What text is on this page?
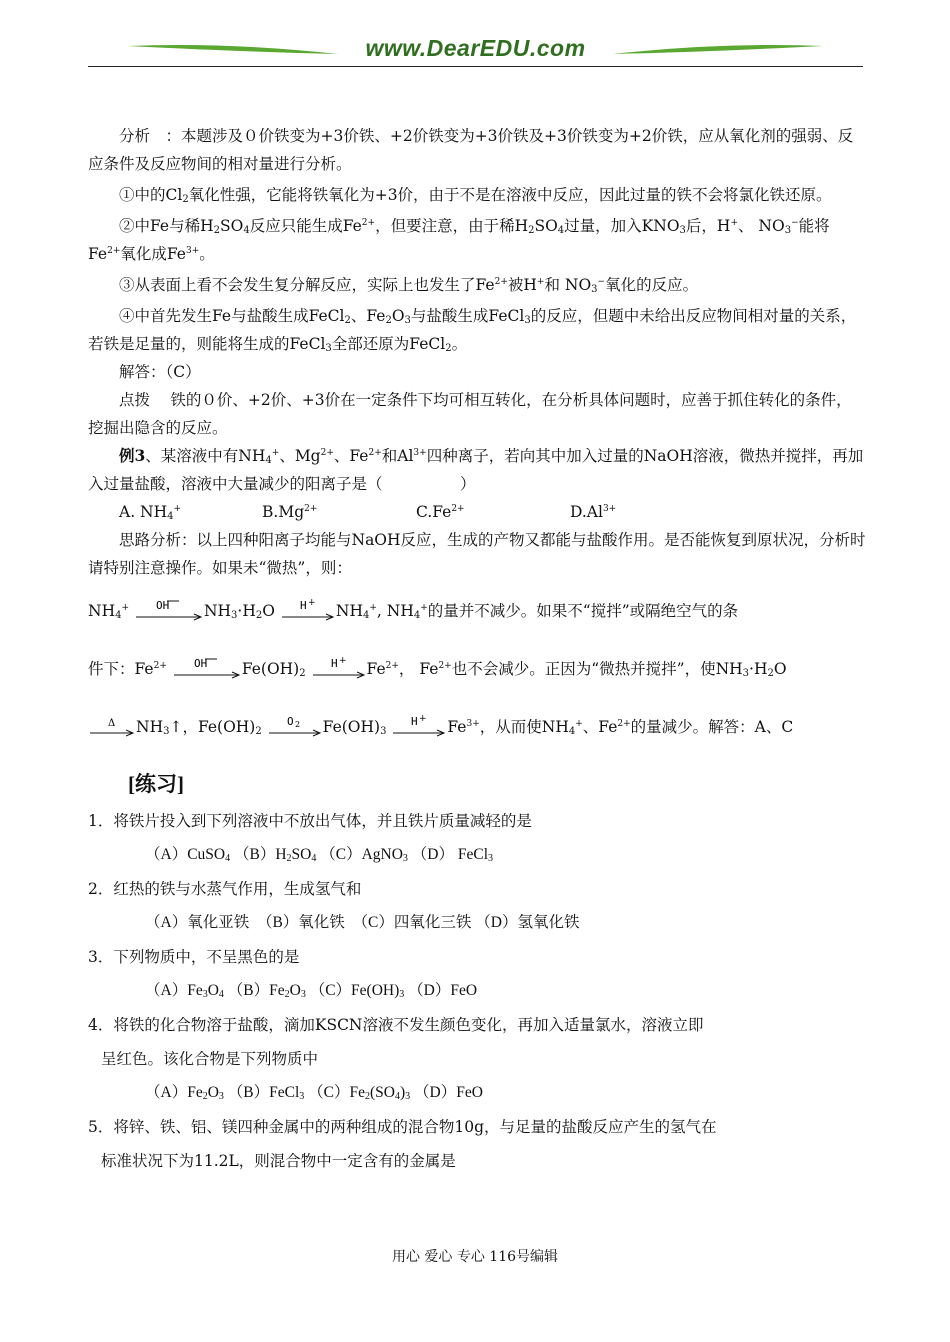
www.DearEDU.com

分析　：本题涉及０价铁变为+3价铁、+2价铁变为+3价铁及+3价铁变为+2价铁，应从氧化剂的强弱、反应条件及反应物间的相对量进行分析。

①中的$Cl_2$氧化性强，它能将铁氧化为+3价，由于不是在溶液中反应，因此过量的铁不会将氯化铁还原。

②中Fe与稀$H_2SO_4$反应只能生成$Fe^{2+}$，但要注意，由于稀$H_2SO_4$过量，加入$KNO_3$后，H+、 $NO_3^-$能将$Fe^{2+}$氧化成$Fe^{3+}$。

③从表面上看不会发生复分解反应，实际上也发生了$Fe^{2+}$被H+和 $NO_3^-$氧化的反应。

④中首先发生Fe与盐酸生成FeCl$_2$、$Fe_2O_3$与盐酸生成FeCl$_3$的反应，但题中未给出反应物间相对量的关系，若铁是足量的，则能将生成的FeCl$_3$全部还原为FeCl$_2$。

解答：（C）

点拨　 铁的０价、+2价、+3价在一定条件下均可相互转化，在分析具体问题时，应善于抓住转化的条件，挖掘出隐含的反应。

例3、某溶液中有$NH_4^+$、$Mg^{2+}$、$Fe^{2+}$和$Al^{3+}$四种离子，若向其中加入过量的NaOH溶液，微热并搅拌，再加入过量盐酸，溶液中大量减少的阳离子是（　　　　　）

A. $NH_4^+$	$B.Mg^{2+}$	$C.Fe^{2+}$	$D.Al^{3+}$

思路分析：以上四种阳离子均能与NaOH反应，生成的产物又都能与盐酸作用。是否能恢复到原状况，分析时请特别注意操作。如果未“微热”，则：

$NH_4^+$ OH $NH_3\cdot H_2O$ $H + NH_4^+$, $NH_4^+$的量并不减少。如果不“搅拌”或隔绝空气的条

件下：$Fe^{2+}$ OH $Fe(OH)_2$
$H + Fe^{2+}$， $Fe^{2+}$也不会减少。正因为“微热并搅拌”，使$NH_3\cdot H_2O$

Δ $NH_3↑$，$Fe(OH)_2$
O 2 $Fe(OH)_3$
$H + Fe^{3+}$，从而使$NH_4^+$、$Fe^{2+}$的量减少。解答：A、C

[练习]

1．将铁片投入到下列溶液中不放出气体，并且铁片质量减轻的是

（A）CuSO$_4$ $(B)H_2SO_4$ （C）AgNO$_3$ （D） FeCl$_3$

2．红热的铁与水蒸气作用，生成氢气和

（A）氧化亚铁　（B）氧化铁　（C）四氧化三铁 （D）氢氧化铁

3．下列物质中，不呈黑色的是

$(A)Fe_3O_4$ $(B)Fe_2O_3$ $(C)Fe(OH)_3$ （D）FeO

4．将铁的化合物溶于盐酸，滴加KSCN溶液不发生颜色变化，再加入适量氯水，溶液立即

呈红色。该化合物是下列物质中

$(A)Fe_2O_3$ （B）FeCl$_3$ $(C)Fe_2(SO_4)_3$ （D）FeO

5．将锌、铁、铝、镁四种金属中的两种组成的混合物10g，与足量的盐酸反应产生的氢气在

标准状况下为11.2L，则混合物中一定含有的金属是

用心 爱心 专心 116号编辑
